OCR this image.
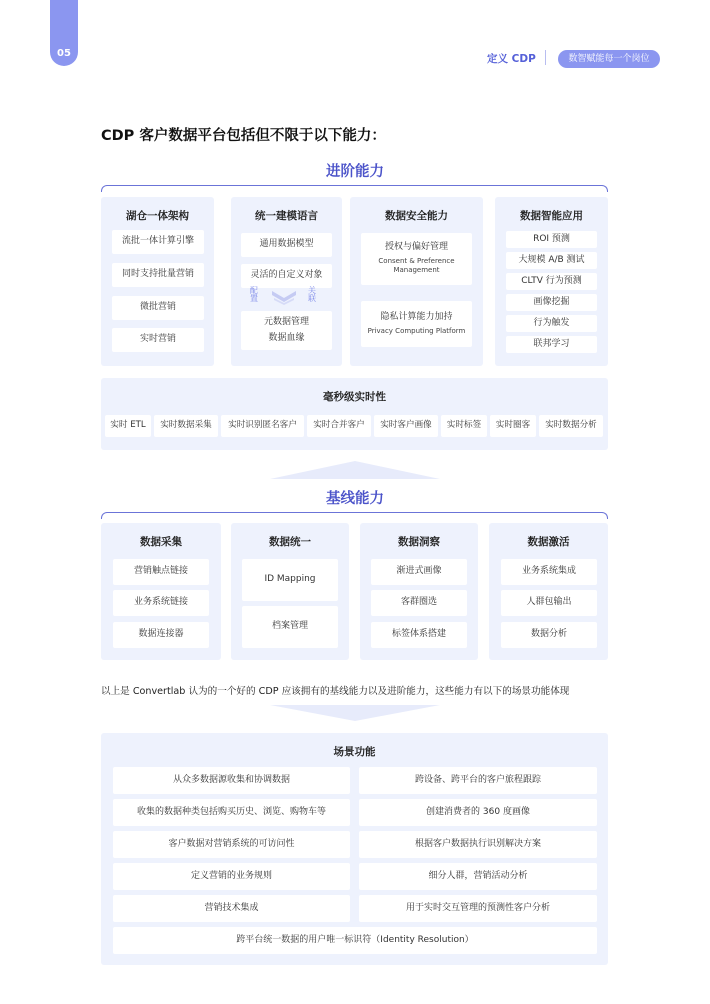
05	定义 CDP	数智赋能每一个岗位
CDP 客户数据平台包括但不限于以下能力：
进阶能力
湖仓一体架构
流批一体计算引擎
同时支持批量营销
微批营销
实时营销
统一建模语言
通用数据模型
灵活的自定义对象
配置
关联
元数据管理
数据血缘
数据安全能力
授权与偏好管理
Consent & Preference
Management
隐私计算能力加持
Privacy Computing Platform
数据智能应用
ROI 预测
大规模 A/B 测试
CLTV 行为预测
画像挖掘
行为触发
联邦学习
毫秒级实时性
实时 ETL	实时数据采集	实时识别匿名客户	实时合并客户	实时客户画像	实时标签	实时圈客	实时数据分析
基线能力
数据采集
营销触点链接
业务系统链接
数据连接器
数据统一
ID Mapping
档案管理
数据洞察
渐进式画像
客群圈选
标签体系搭建
数据激活
业务系统集成
人群包输出
数据分析
以上是 Convertlab 认为的一个好的 CDP 应该拥有的基线能力以及进阶能力，这些能力有以下的场景功能体现
场景功能
从众多数据源收集和协调数据	跨设备、跨平台的客户旅程跟踪
收集的数据种类包括购买历史、浏览、购物车等	创建消费者的 360 度画像
客户数据对营销系统的可访问性	根据客户数据执行识别解决方案
定义营销的业务规则	细分人群，营销活动分析
营销技术集成	用于实时交互管理的预测性客户分析
跨平台统一数据的用户唯一标识符（Identity Resolution）
